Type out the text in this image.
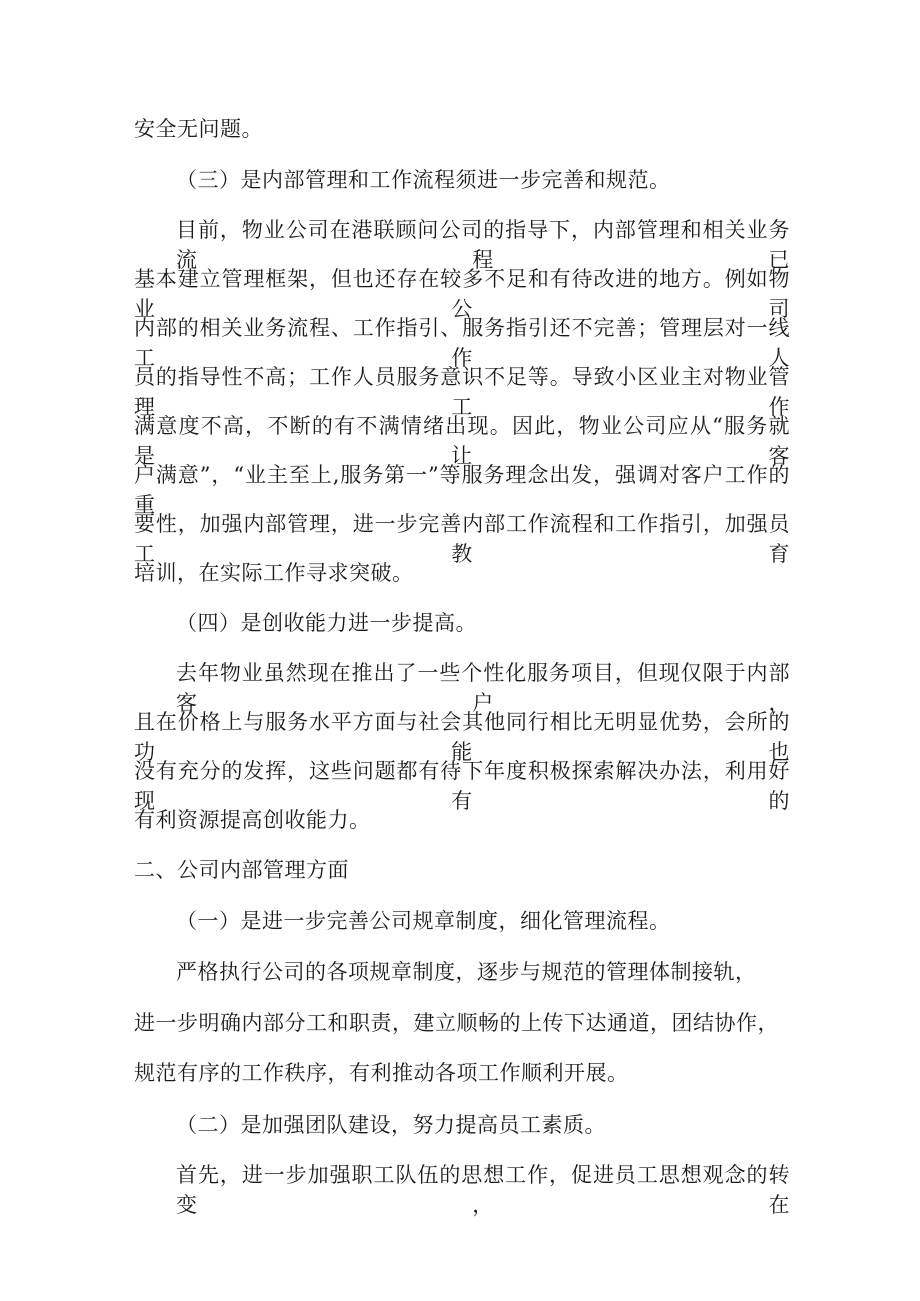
安全无问题。
（三）是内部管理和工作流程须进一步完善和规范。
目前，物业公司在港联顾问公司的指导下，内部管理和相关业务流程已
基本建立管理框架，但也还存在较多不足和有待改进的地方。例如物业公司
内部的相关业务流程、工作指引、服务指引还不完善；管理层对一线工作人
员的指导性不高；工作人员服务意识不足等。导致小区业主对物业管理工作
满意度不高，不断的有不满情绪出现。因此，物业公司应从“服务就是让客
户满意”，“业主至上,服务第一”等服务理念出发，强调对客户工作的重
要性，加强内部管理，进一步完善内部工作流程和工作指引，加强员工教育
培训，在实际工作寻求突破。
（四）是创收能力进一步提高。
去年物业虽然现在推出了一些个性化服务项目，但现仅限于内部客户，
且在价格上与服务水平方面与社会其他同行相比无明显优势，会所的功能也
没有充分的发挥，这些问题都有待下年度积极探索解决办法，利用好现有的
有利资源提高创收能力。
二、公司内部管理方面
（一）是进一步完善公司规章制度，细化管理流程。
严格执行公司的各项规章制度，逐步与规范的管理体制接轨，
进一步明确内部分工和职责，建立顺畅的上传下达通道，团结协作，
规范有序的工作秩序，有利推动各项工作顺利开展。
（二）是加强团队建设，努力提高员工素质。
首先，进一步加强职工队伍的思想工作，促进员工思想观念的转变，在
